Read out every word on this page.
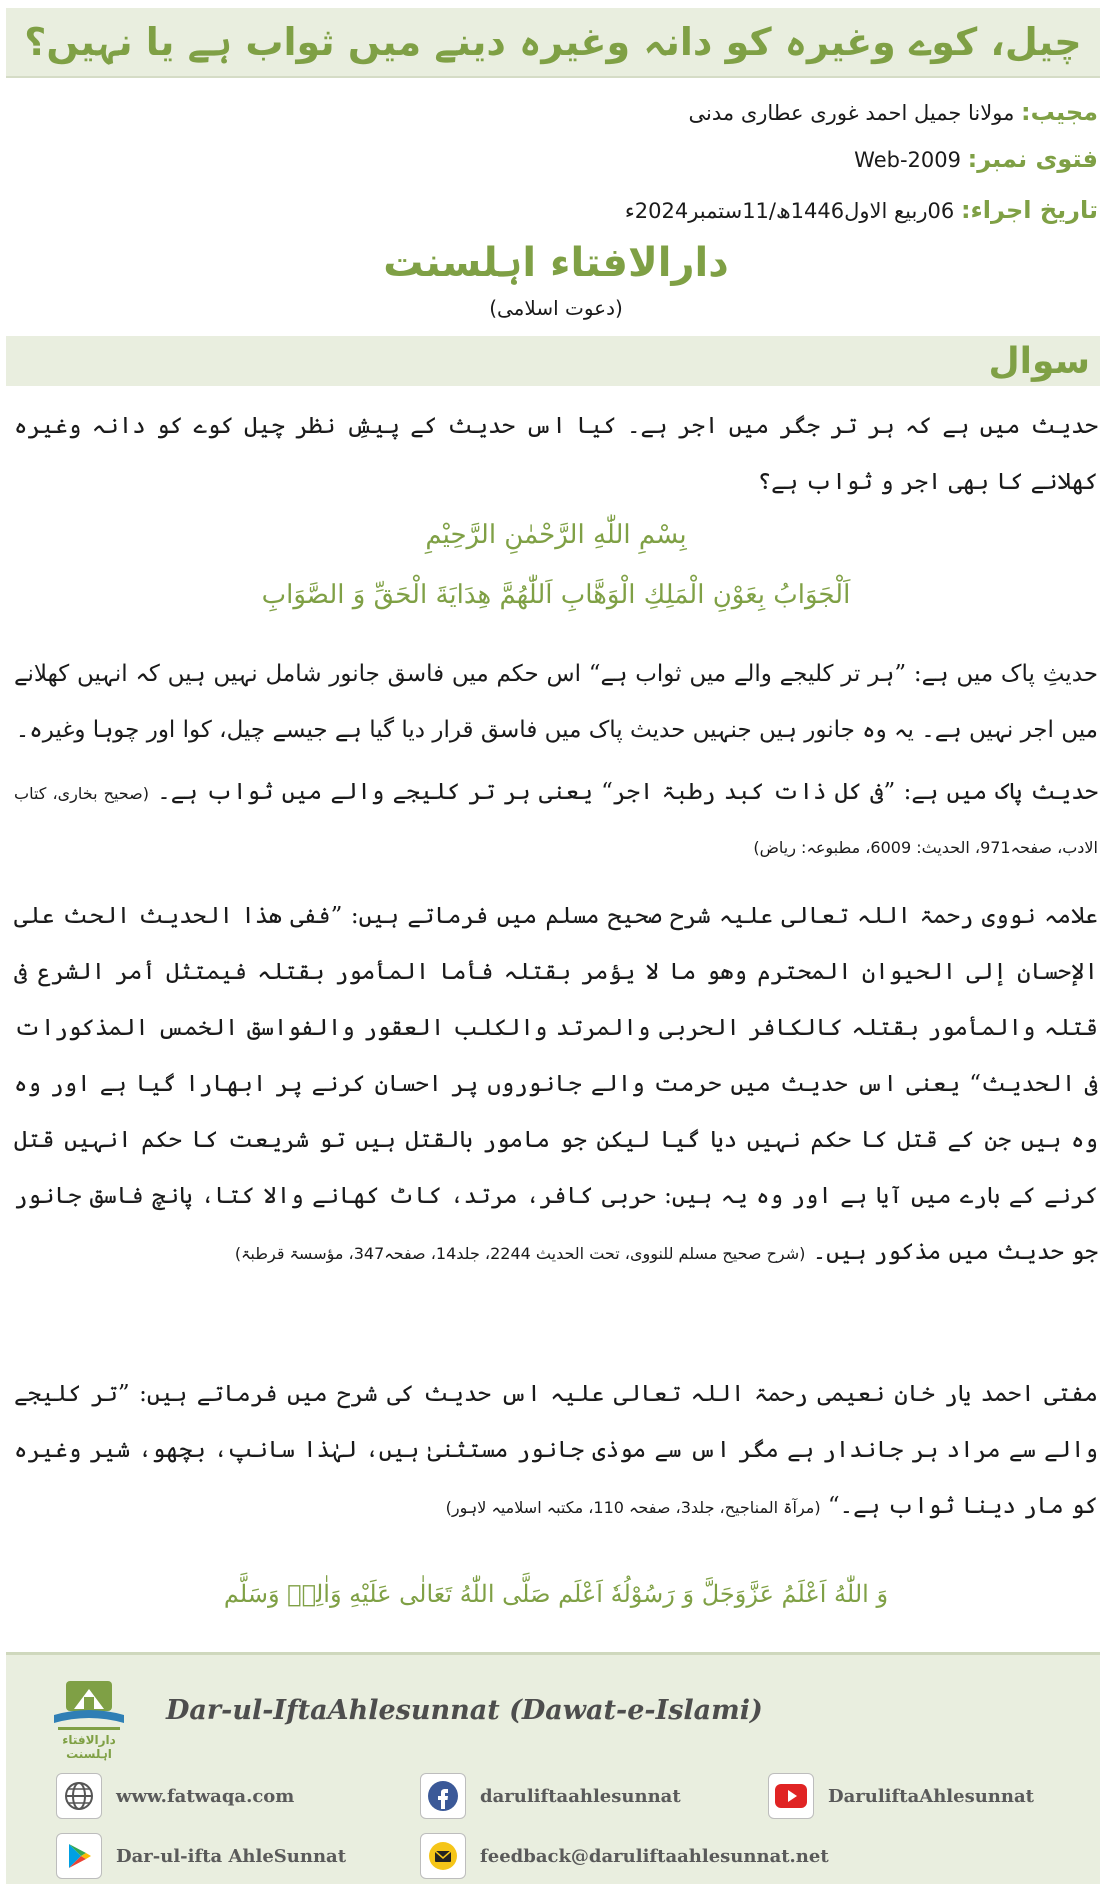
چیل، کوے وغیرہ کو دانہ وغیرہ دینے میں ثواب ہے یا نہیں؟
مجیب: مولانا جمیل احمد غوری عطاری مدنی
فتوی نمبر: Web-2009
تاریخ اجراء: 06ربیع الاول1446ھ/11ستمبر2024ء
دارالافتاء اہلسنت
(دعوت اسلامی)
سوال
حدیث میں ہے کہ ہر تر جگر میں اجر ہے۔ کیا اس حدیث کے پیشِ نظر چیل کوے کو دانہ وغیرہ کھلانے کا بھی اجر و ثواب ہے؟
بِسْمِ اللّٰهِ الرَّحْمٰنِ الرَّحِيْمِ
اَلْجَوَابُ بِعَوْنِ الْمَلِكِ الْوَهَّابِ اَللّٰهُمَّ هِدَايَةَ الْحَقِّ وَ الصَّوَابِ
حدیثِ پاک میں ہے: ”ہر تر کلیجے والے میں ثواب ہے“ اس حکم میں فاسق جانور شامل نہیں ہیں کہ انہیں کھلانے میں اجر نہیں ہے۔ یہ وہ جانور ہیں جنہیں حدیث پاک میں فاسق قرار دیا گیا ہے جیسے چیل، کوا اور چوہا وغیرہ۔
حدیث پاک میں ہے: ”فی کل ذات کبد رطبۃ اجر“ یعنی ہر تر کلیجے والے میں ثواب ہے۔ (صحیح بخاری، کتاب الادب، صفحہ971، الحدیث: 6009، مطبوعہ: ریاض)
علامہ نووی رحمۃ اللہ تعالی علیہ شرح صحیح مسلم میں فرماتے ہیں: ”ففی ھذا الحدیث الحث علی الإحسان إلی الحیوان المحترم وھو ما لا یؤمر بقتلہ فأما المأمور بقتلہ فیمتثل أمر الشرع فی قتلہ والمأمور بقتلہ کالکافر الحربی والمرتد والکلب العقور والفواسق الخمس المذکورات فی الحدیث“ یعنی اس حدیث میں حرمت والے جانوروں پر احسان کرنے پر ابھارا گیا ہے اور وہ وہ ہیں جن کے قتل کا حکم نہیں دیا گیا لیکن جو مامور بالقتل ہیں تو شریعت کا حکم انہیں قتل کرنے کے بارے میں آیا ہے اور وہ یہ ہیں: حربی کافر، مرتد، کاٹ کھانے والا کتا، پانچ فاسق جانور جو حدیث میں مذکور ہیں۔ (شرح صحیح مسلم للنووی، تحت الحدیث 2244، جلد14، صفحہ347، مؤسسۃ قرطبۃ)
مفتی احمد یار خان نعیمی رحمۃ اللہ تعالی علیہ اس حدیث کی شرح میں فرماتے ہیں: ”تر کلیجے والے سے مراد ہر جاندار ہے مگر اس سے موذی جانور مستثنیٰ ہیں، لہٰذا سانپ، بچھو، شیر وغیرہ کو مار دینا ثواب ہے۔“ (مرآۃ المناجیح، جلد3، صفحہ 110، مکتبہ اسلامیہ لاہور)
وَ اللّٰهُ اَعْلَمُ عَزَّوَجَلَّ وَ رَسُوْلُهٗ اَعْلَم صَلَّی اللّٰهُ تَعَالٰی عَلَيْهِ وَاٰلِهٖ وَسَلَّم
دارالافتاء اہلسنت
Dar-ul-IftaAhlesunnat (Dawat-e-Islami)
www.fatwaqa.com	daruliftaahlesunnat	DaruliftaAhlesunnat
Dar-ul-ifta AhleSunnat	feedback@daruliftaahlesunnat.net
